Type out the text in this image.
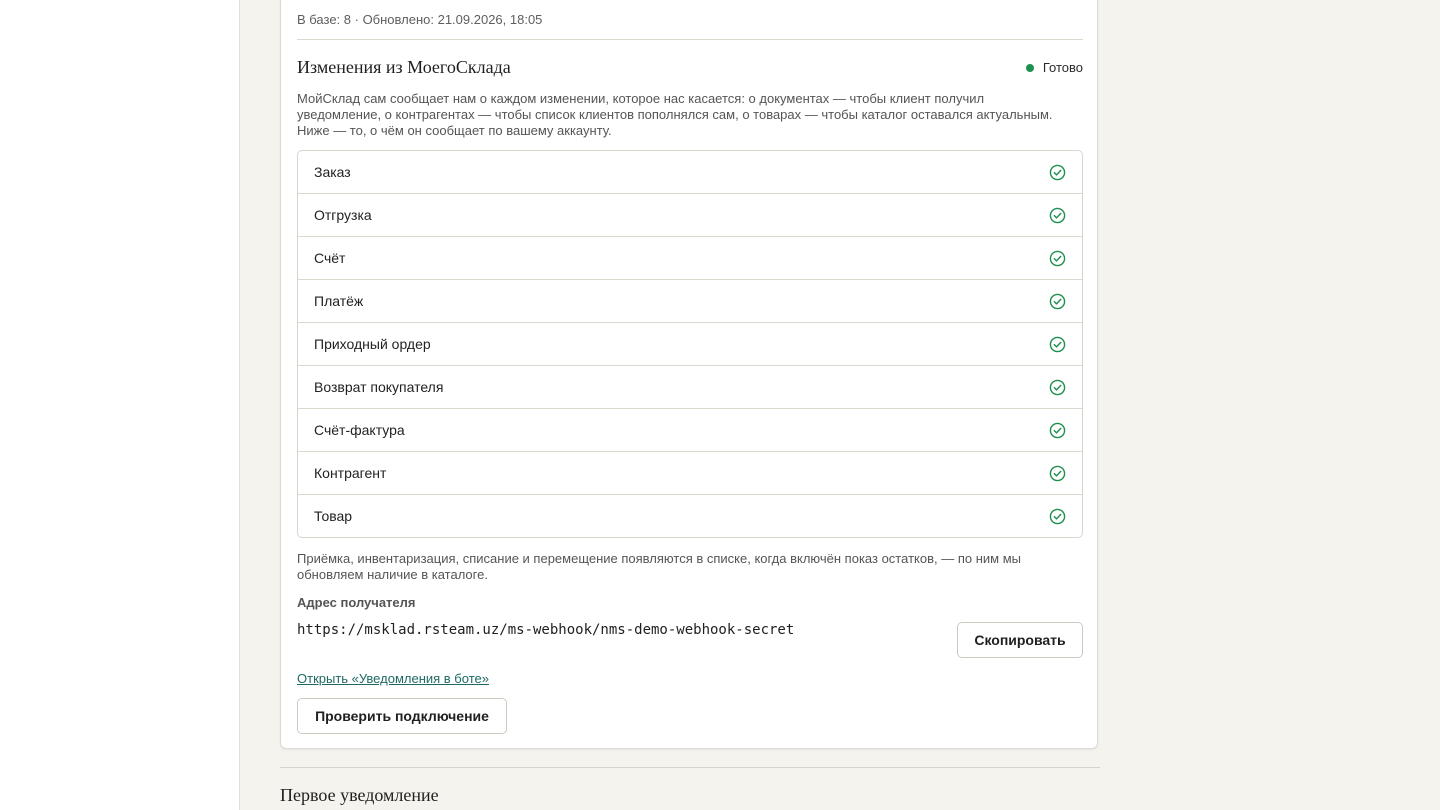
В базе: 8 · Обновлено: 21.09.2026, 18:05
Изменения из МоегоСклада	Готово
МойСклад сам сообщает нам о каждом изменении, которое нас касается: о документах — чтобы клиент получил уведомление, о контрагентах — чтобы список клиентов пополнялся сам, о товарах — чтобы каталог оставался актуальным. Ниже — то, о чём он сообщает по вашему аккаунту.
Заказ
Отгрузка
Счёт
Платёж
Приходный ордер
Возврат покупателя
Счёт-фактура
Контрагент
Товар
Приёмка, инвентаризация, списание и перемещение появляются в списке, когда включён показ остатков, — по ним мы обновляем наличие в каталоге.
Адрес получателя
https://msklad.rsteam.uz/ms-webhook/nms-demo-webhook-secret
Скопировать
Открыть «Уведомления в боте»
Проверить подключение
Первое уведомление
